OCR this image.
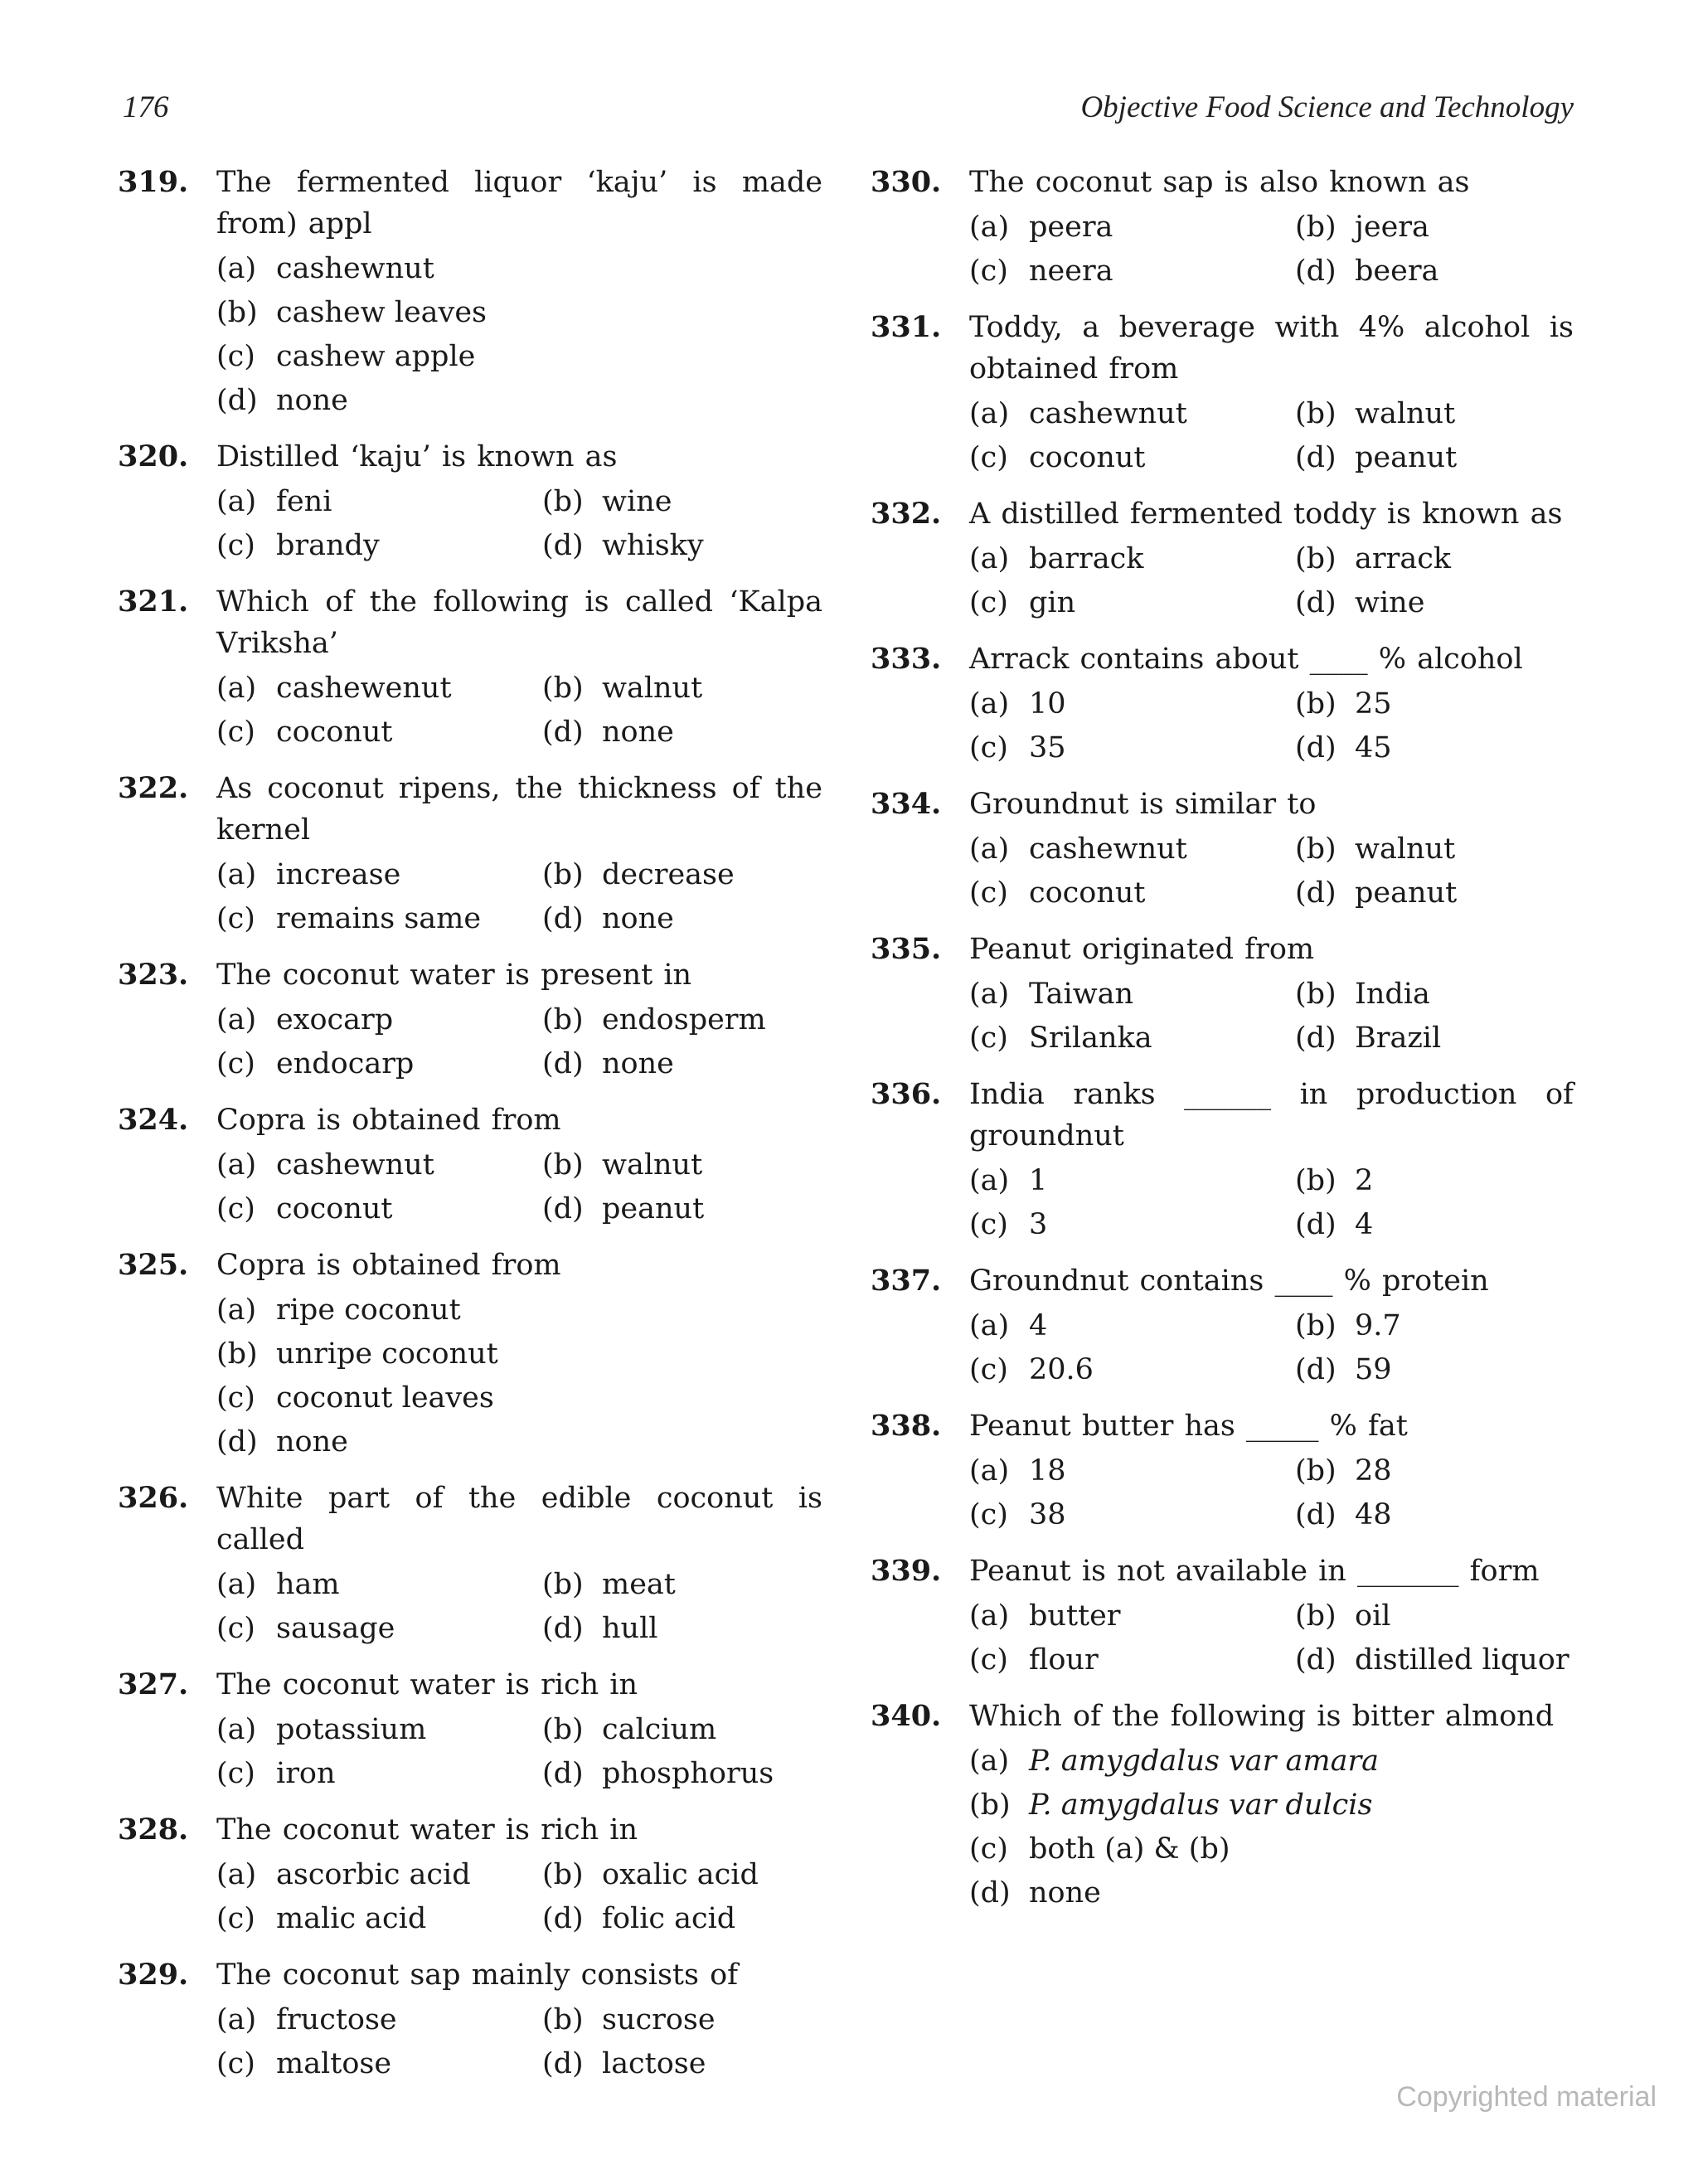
176	Objective Food Science and Technology
319. The fermented liquor ‘kaju’ is made from) appl
(a) cashewnut
(b) cashew leaves
(c) cashew apple
(d) none
320. Distilled ‘kaju’ is known as
(a) feni	(b) wine
(c) brandy	(d) whisky
321. Which of the following is called ‘Kalpa Vriksha’
(a) cashewenut	(b) walnut
(c) coconut	(d) none
322. As coconut ripens, the thickness of the kernel
(a) increase	(b) decrease
(c) remains same	(d) none
323. The coconut water is present in
(a) exocarp	(b) endosperm
(c) endocarp	(d) none
324. Copra is obtained from
(a) cashewnut	(b) walnut
(c) coconut	(d) peanut
325. Copra is obtained from
(a) ripe coconut
(b) unripe coconut
(c) coconut leaves
(d) none
326. White part of the edible coconut is called
(a) ham	(b) meat
(c) sausage	(d) hull
327. The coconut water is rich in
(a) potassium	(b) calcium
(c) iron	(d) phosphorus
328. The coconut water is rich in
(a) ascorbic acid	(b) oxalic acid
(c) malic acid	(d) folic acid
329. The coconut sap mainly consists of
(a) fructose	(b) sucrose
(c) maltose	(d) lactose
330. The coconut sap is also known as
(a) peera	(b) jeera
(c) neera	(d) beera
331. Toddy, a beverage with 4% alcohol is obtained from
(a) cashewnut	(b) walnut
(c) coconut	(d) peanut
332. A distilled fermented toddy is known as
(a) barrack	(b) arrack
(c) gin	(d) wine
333. Arrack contains about ____ % alcohol
(a) 10	(b) 25
(c) 35	(d) 45
334. Groundnut is similar to
(a) cashewnut	(b) walnut
(c) coconut	(d) peanut
335. Peanut originated from
(a) Taiwan	(b) India
(c) Srilanka	(d) Brazil
336. India ranks ______ in production of groundnut
(a) 1	(b) 2
(c) 3	(d) 4
337. Groundnut contains ____ % protein
(a) 4	(b) 9.7
(c) 20.6	(d) 59
338. Peanut butter has _____ % fat
(a) 18	(b) 28
(c) 38	(d) 48
339. Peanut is not available in _______ form
(a) butter	(b) oil
(c) flour	(d) distilled liquor
340. Which of the following is bitter almond
(a) P. amygdalus var amara
(b) P. amygdalus var dulcis
(c) both (a) & (b)
(d) none
Copyrighted material
